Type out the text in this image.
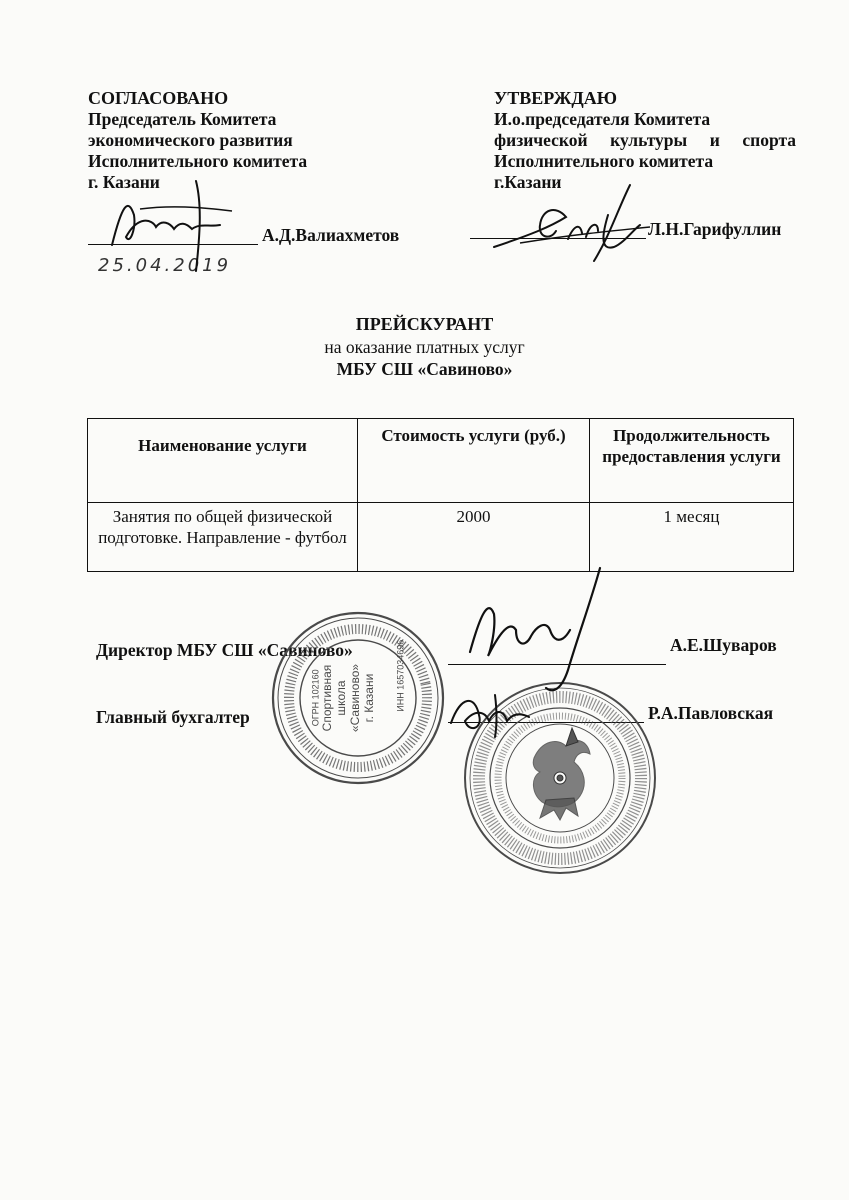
СОГЛАСОВАНО
Председатель Комитета
экономического развития
Исполнительного комитета
г. Казани
А.Д.Валиахметов
25.04.2019
УТВЕРЖДАЮ
И.о.председателя Комитета
физической культуры и спорта
Исполнительного комитета
г.Казани
Л.Н.Гарифуллин
ПРЕЙСКУРАНТ
на оказание платных услуг
МБУ СШ «Савиново»
Наименование услуги	Стоимость услуги (руб.)	Продолжительность предоставления услуги
Занятия по общей физической подготовке. Направление - футбол	2000	1 месяц
Директор МБУ СШ «Савиново»	А.Е.Шуваров
Главный бухгалтер	Р.А.Павловская
Спортивная школа «Савиново» г. Казани
ОГРН 102160	ИНН 1657034696
